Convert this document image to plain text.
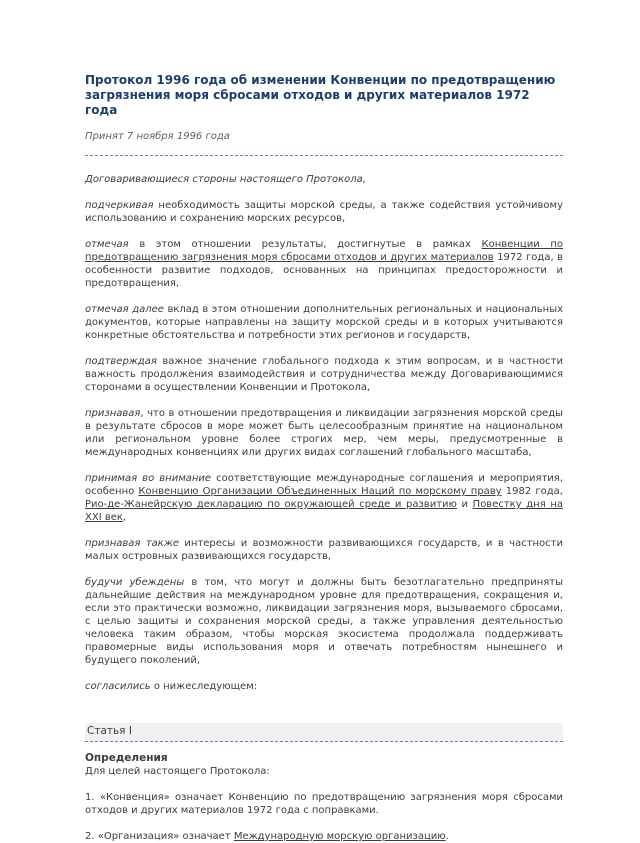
Протокол 1996 года об изменении Конвенции по предотвращению загрязнения моря сбросами отходов и других материалов 1972 года

Принят 7 ноября 1996 года

Договаривающиеся стороны настоящего Протокола,

подчеркивая необходимость защиты морской среды, а также содействия устойчивому использованию и сохранению морских ресурсов,

отмечая в этом отношении результаты, достигнутые в рамках Конвенции по предотвращению загрязнения моря сбросами отходов и других материалов 1972 года, в особенности развитие подходов, основанных на принципах предосторожности и предотвращения,

отмечая далее вклад в этом отношении дополнительных региональных и национальных документов, которые направлены на защиту морской среды и в которых учитываются конкретные обстоятельства и потребности этих регионов и государств,

подтверждая важное значение глобального подхода к этим вопросам, и в частности важность продолжения взаимодействия и сотрудничества между Договаривающимися сторонами в осуществлении Конвенции и Протокола,

признавая, что в отношении предотвращения и ликвидации загрязнения морской среды в результате сбросов в море может быть целесообразным принятие на национальном или региональном уровне более строгих мер, чем меры, предусмотренные в международных конвенциях или других видах соглашений глобального масштаба,

принимая во внимание соответствующие международные соглашения и мероприятия, особенно Конвенцию Организации Объединенных Наций по морскому праву 1982 года, Рио-де-Жанейрскую декларацию по окружающей среде и развитию и Повестку дня на XXI век,

признавая также интересы и возможности развивающихся государств, и в частности малых островных развивающихся государств,

будучи убеждены в том, что могут и должны быть безотлагательно предприняты дальнейшие действия на международном уровне для предотвращения, сокращения и, если это практически возможно, ликвидации загрязнения моря, вызываемого сбросами, с целью защиты и сохранения морской среды, а также управления деятельностью человека таким образом, чтобы морская экосистема продолжала поддерживать правомерные виды использования моря и отвечать потребностям нынешнего и будущего поколений,

согласились о нижеследующем:

Статья I
Определения

Для целей настоящего Протокола:

1. «Конвенция» означает Конвенцию по предотвращению загрязнения моря сбросами отходов и других материалов 1972 года с поправками.

2. «Организация» означает Международную морскую организацию.
